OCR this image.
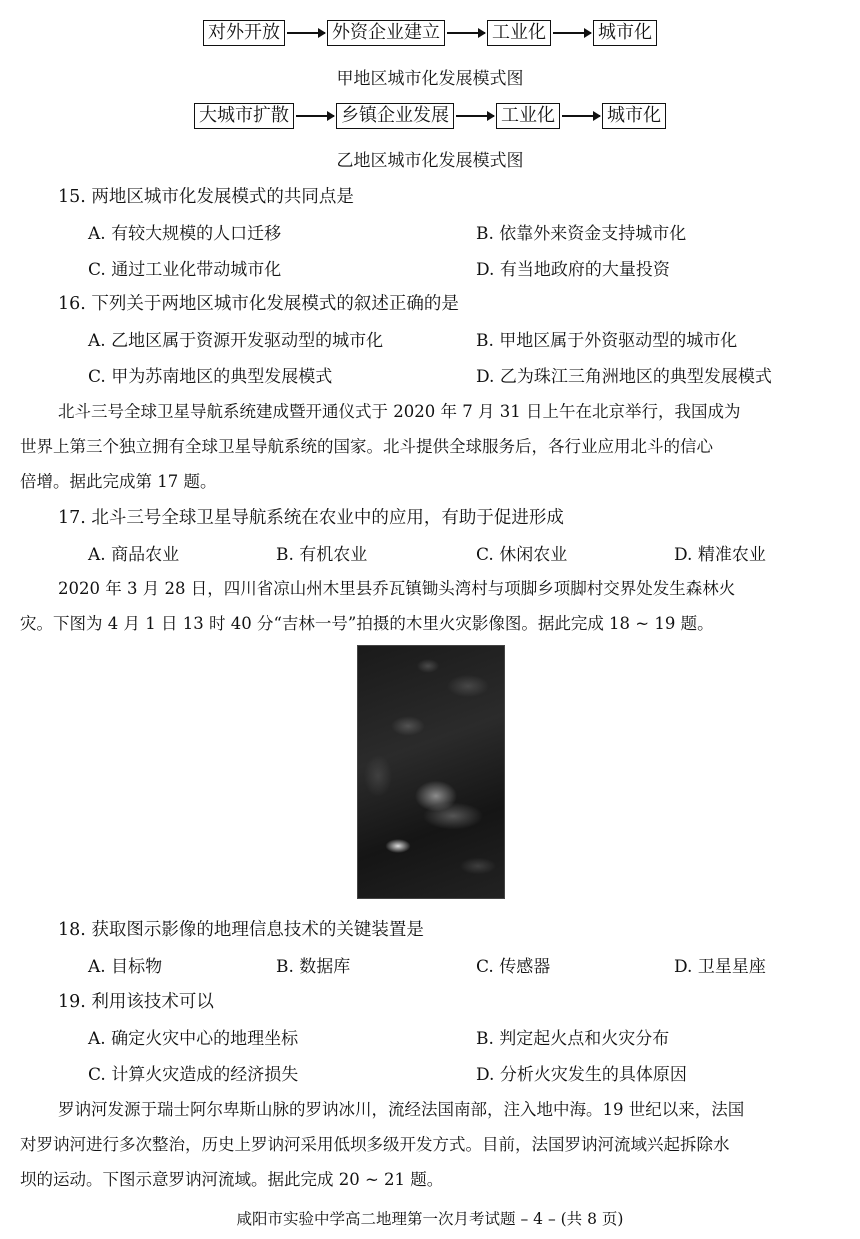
对外开放	外资企业建立	工业化	城市化
甲地区城市化发展模式图
大城市扩散	乡镇企业发展	工业化	城市化
乙地区城市化发展模式图
15. 两地区城市化发展模式的共同点是
A. 有较大规模的人口迁移	B. 依靠外来资金支持城市化
C. 通过工业化带动城市化	D. 有当地政府的大量投资
16. 下列关于两地区城市化发展模式的叙述正确的是
A. 乙地区属于资源开发驱动型的城市化	B. 甲地区属于外资驱动型的城市化
C. 甲为苏南地区的典型发展模式	D. 乙为珠江三角洲地区的典型发展模式
北斗三号全球卫星导航系统建成暨开通仪式于 2020 年 7 月 31 日上午在北京举行，我国成为
世界上第三个独立拥有全球卫星导航系统的国家。北斗提供全球服务后，各行业应用北斗的信心
倍增。据此完成第 17 题。
17. 北斗三号全球卫星导航系统在农业中的应用，有助于促进形成
A. 商品农业	B. 有机农业	C. 休闲农业	D. 精准农业
2020 年 3 月 28 日，四川省凉山州木里县乔瓦镇锄头湾村与项脚乡项脚村交界处发生森林火
灾。下图为 4 月 1 日 13 时 40 分“吉林一号”拍摄的木里火灾影像图。据此完成 18 ~ 19 题。
18. 获取图示影像的地理信息技术的关键装置是
A. 目标物	B. 数据库	C. 传感器	D. 卫星星座
19. 利用该技术可以
A. 确定火灾中心的地理坐标	B. 判定起火点和火灾分布
C. 计算火灾造成的经济损失	D. 分析火灾发生的具体原因
罗讷河发源于瑞士阿尔卑斯山脉的罗讷冰川，流经法国南部，注入地中海。19 世纪以来，法国
对罗讷河进行多次整治，历史上罗讷河采用低坝多级开发方式。目前，法国罗讷河流域兴起拆除水
坝的运动。下图示意罗讷河流域。据此完成 20 ~ 21 题。
咸阳市实验中学高二地理第一次月考试题 – 4 – (共 8 页)
